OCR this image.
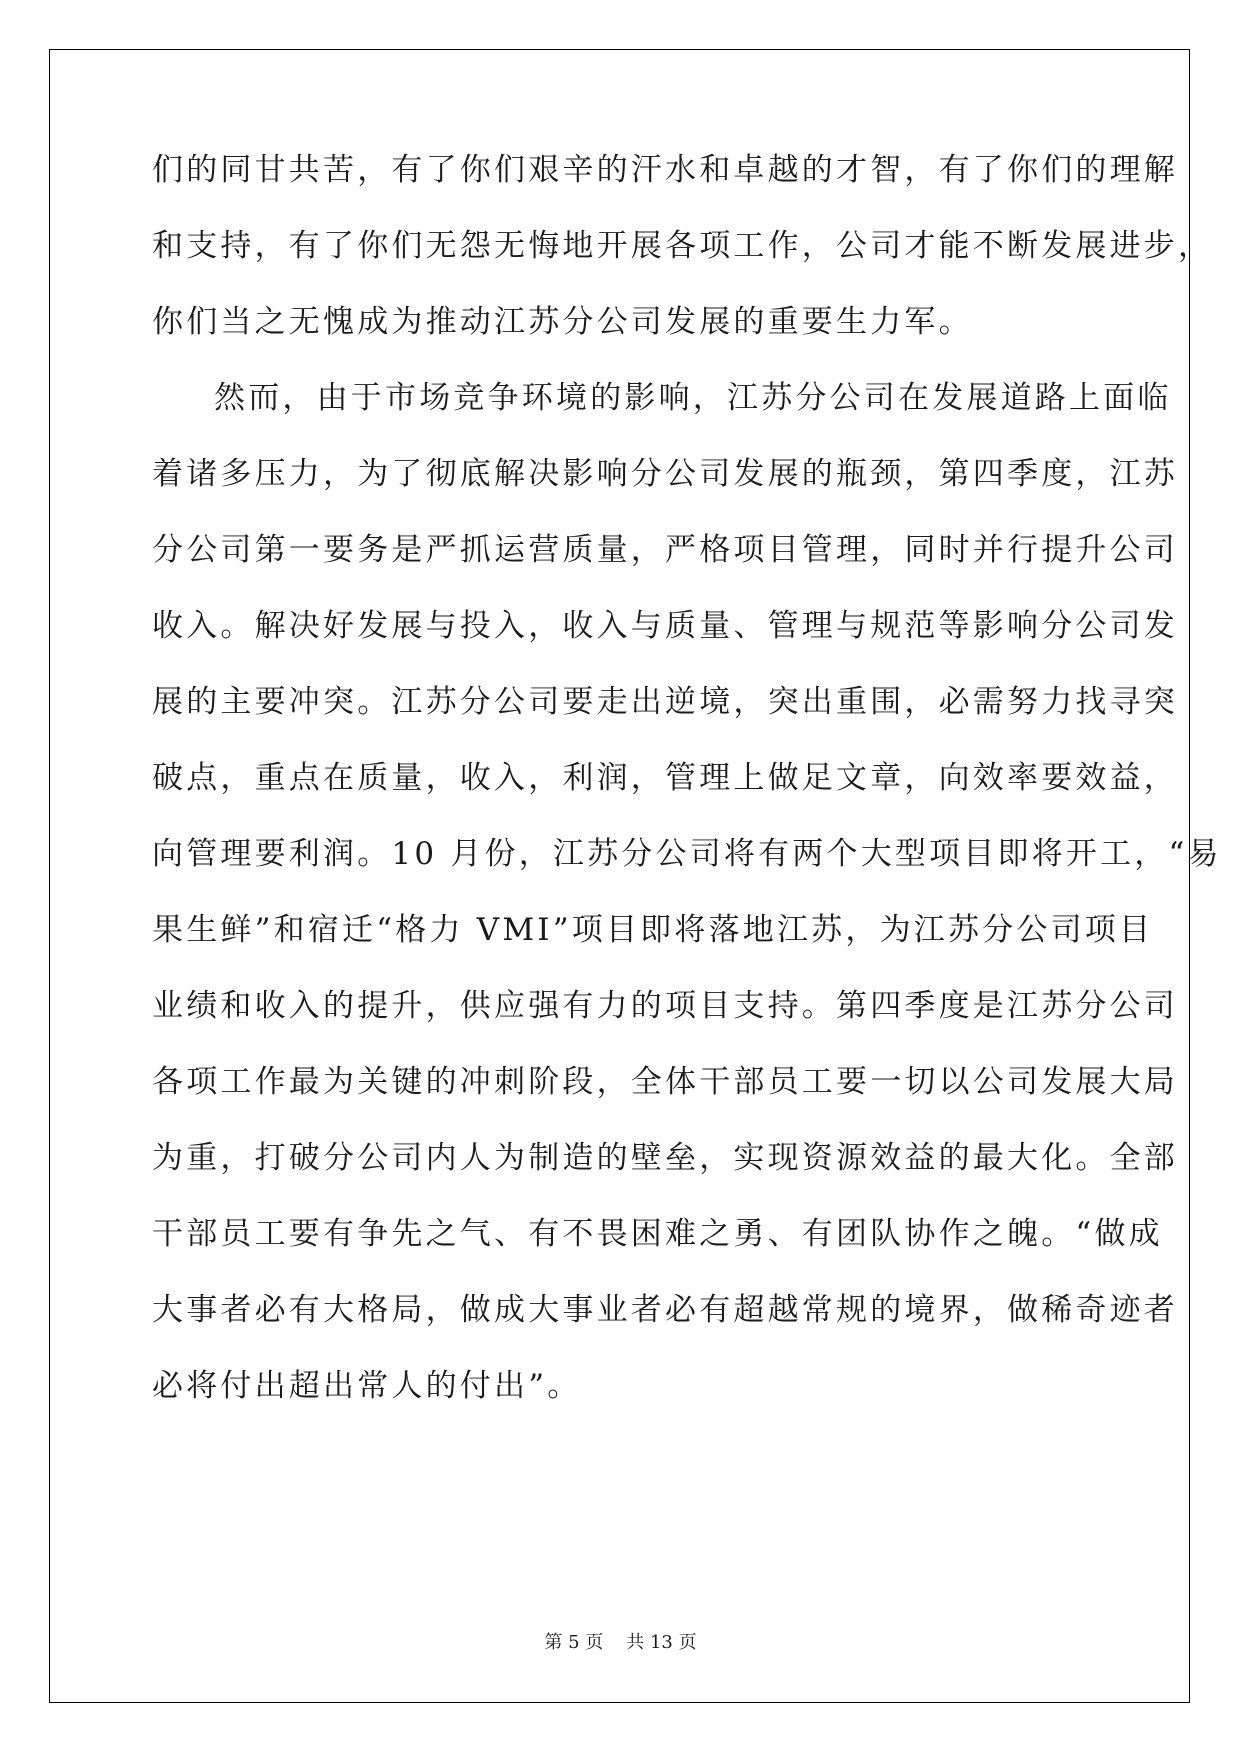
们的同甘共苦，有了你们艰辛的汗水和卓越的才智，有了你们的理解
和支持，有了你们无怨无悔地开展各项工作，公司才能不断发展进步，
你们当之无愧成为推动江苏分公司发展的重要生力军。
然而，由于市场竞争环境的影响，江苏分公司在发展道路上面临
着诸多压力，为了彻底解决影响分公司发展的瓶颈，第四季度，江苏
分公司第一要务是严抓运营质量，严格项目管理，同时并行提升公司
收入。解决好发展与投入，收入与质量、管理与规范等影响分公司发
展的主要冲突。江苏分公司要走出逆境，突出重围，必需努力找寻突
破点，重点在质量，收入，利润，管理上做足文章，向效率要效益，
向管理要利润。10 月份，江苏分公司将有两个大型项目即将开工，“易
果生鲜”和宿迁“格力 VMI”项目即将落地江苏，为江苏分公司项目
业绩和收入的提升，供应强有力的项目支持。第四季度是江苏分公司
各项工作最为关键的冲刺阶段，全体干部员工要一切以公司发展大局
为重，打破分公司内人为制造的壁垒，实现资源效益的最大化。全部
干部员工要有争先之气、有不畏困难之勇、有团队协作之魄。“做成
大事者必有大格局，做成大事业者必有超越常规的境界，做稀奇迹者
必将付出超出常人的付出”。
第 5 页 共 13 页
